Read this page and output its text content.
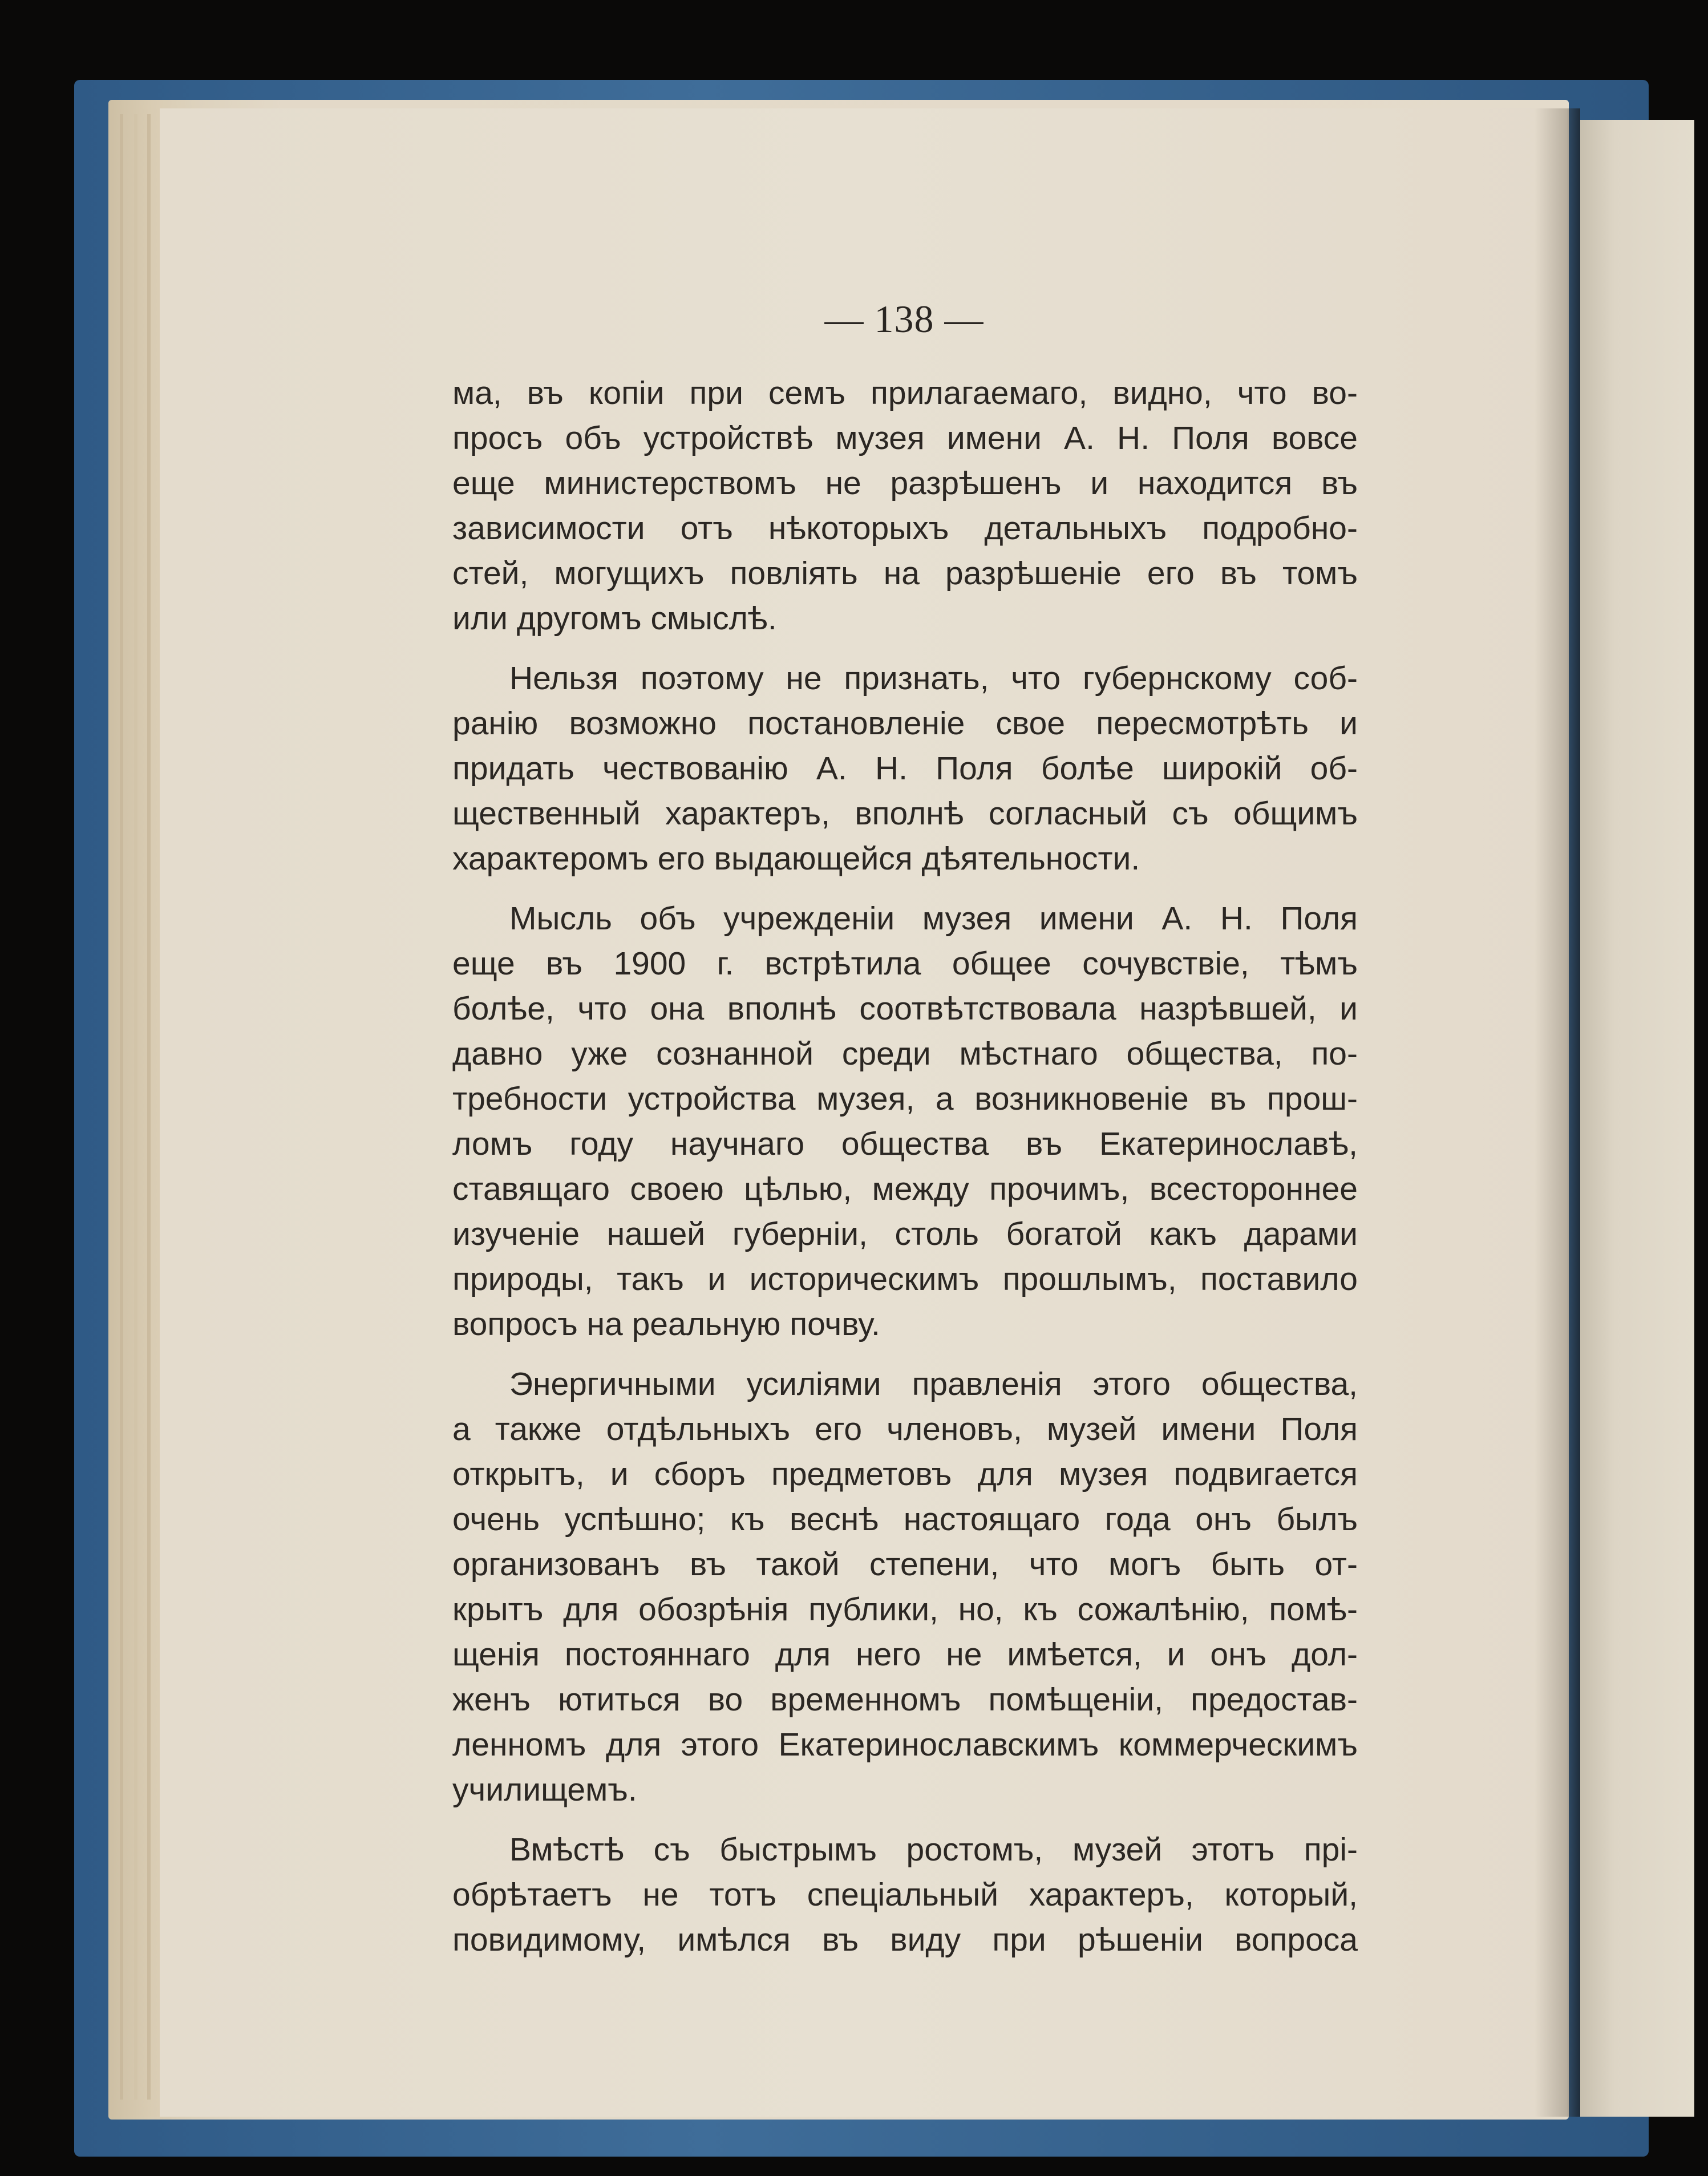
— 138 —
ма, въ копіи при семъ прилагаемаго, видно, что во-
просъ объ устройствѣ музея имени А. Н. Поля вовсе
еще министерствомъ не разрѣшенъ и находится въ
зависимости отъ нѣкоторыхъ детальныхъ подробно-
стей, могущихъ повліять на разрѣшеніе его въ томъ
или другомъ смыслѣ.
Нельзя поэтому не признать, что губернскому соб-
ранію возможно постановленіе свое пересмотрѣть и
придать чествованію А. Н. Поля болѣе широкій об-
щественный характеръ, вполнѣ согласный съ общимъ
характеромъ его выдающейся дѣятельности.
Мысль объ учрежденіи музея имени А. Н. Поля
еще въ 1900 г. встрѣтила общее сочувствіе, тѣмъ
болѣе, что она вполнѣ соотвѣтствовала назрѣвшей, и
давно уже сознанной среди мѣстнаго общества, по-
требности устройства музея, а возникновеніе въ прош-
ломъ году научнаго общества въ Екатеринославѣ,
ставящаго своею цѣлью, между прочимъ, всестороннее
изученіе нашей губерніи, столь богатой какъ дарами
природы, такъ и историческимъ прошлымъ, поставило
вопросъ на реальную почву.
Энергичными усиліями правленія этого общества,
а также отдѣльныхъ его членовъ, музей имени Поля
открытъ, и сборъ предметовъ для музея подвигается
очень успѣшно; къ веснѣ настоящаго года онъ былъ
организованъ въ такой степени, что могъ быть от-
крытъ для обозрѣнія публики, но, къ сожалѣнію, помѣ-
щенія постояннаго для него не имѣется, и онъ дол-
женъ ютиться во временномъ помѣщеніи, предостав-
ленномъ для этого Екатеринославскимъ коммерческимъ
училищемъ.
Вмѣстѣ съ быстрымъ ростомъ, музей этотъ прі-
обрѣтаетъ не тотъ спеціальный характеръ, который,
повидимому, имѣлся въ виду при рѣшеніи вопроса
